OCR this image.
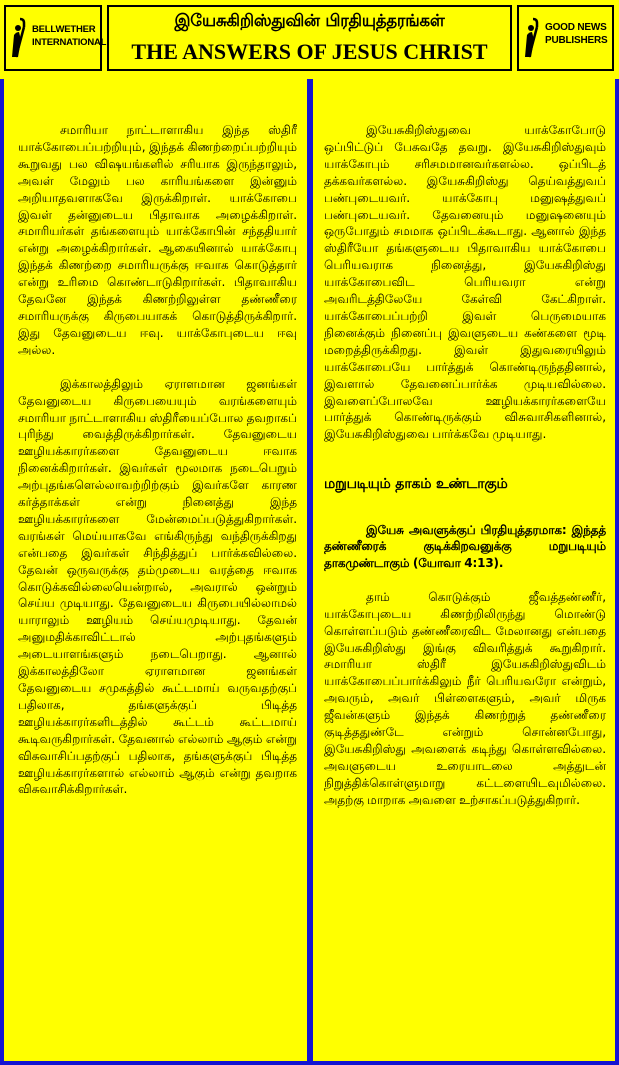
BELLWETHER INTERNATIONAL
இயேசுகிறிஸ்துவின் பிரதியுத்தரங்கள்
THE ANSWERS OF JESUS CHRIST
GOOD NEWS PUBLISHERS

சமாரியா நாட்டாளாகிய இந்த ஸ்திரீ யாக்கோபைப்பற்றியும், இந்தக் கிணற்றைப்பற்றியும் கூறுவது பல விஷயங்களில் சரியாக இருந்தாலும், அவள் மேலும் பல காரியங்களை இன்னும் அறியாதவளாகவே இருக்கிறாள். யாக்கோபை இவள் தன்னுடைய பிதாவாக அழைக்கிறாள். சமாரியர்கள் தங்களையும் யாக்கோபின் சந்ததியார் என்று அழைக்கிறார்கள். ஆகையினால் யாக்கோபு இந்தக் கிணற்றை சமாரியருக்கு ஈவாக கொடுத்தார் என்று உரிமை கொண்டாடுகிறார்கள். பிதாவாகிய தேவனே இந்தக் கிணற்றிலுள்ள தண்ணீரை சமாரியருக்கு கிருபையாகக் கொடுத்திருக்கிறார். இது தேவனுடைய ஈவு. யாக்கோபுடைய ஈவு அல்ல.

இக்காலத்திலும் ஏராளமான ஜனங்கள் தேவனுடைய கிருபையையும் வரங்களையும் சமாரியா நாட்டாளாகிய ஸ்திரீயைப்போல தவறாகப் புரிந்து வைத்திருக்கிறார்கள். தேவனுடைய ஊழியக்காரர்களை தேவனுடைய ஈவாக நினைக்கிறார்கள். இவர்கள் மூலமாக நடைபெறும் அற்புதங்களெல்லாவற்றிற்கும் இவர்களே காரண கர்த்தாக்கள் என்று நினைத்து இந்த ஊழியக்காரர்களை மேன்மைப்படுத்துகிறார்கள். வரங்கள் மெய்யாகவே எங்கிருந்து வந்திருக்கிறது என்பதை இவர்கள் சிந்தித்துப் பார்க்கவில்லை. தேவன் ஒருவருக்கு தம்முடைய வரத்தை ஈவாக கொடுக்கவில்லையென்றால், அவரால் ஒன்றும் செய்ய முடியாது. தேவனுடைய கிருபையில்லாமல் யாராலும் ஊழியம் செய்யமுடியாது. தேவன் அனுமதிக்காவிட்டால் அற்புதங்களும் அடையாளங்களும் நடைபெறாது. ஆனால் இக்காலத்திலோ ஏராளமான ஜனங்கள் தேவனுடைய சமுகத்தில் கூட்டமாய் வருவதற்குப் பதிலாக, தங்களுக்குப் பிடித்த ஊழியக்காரர்களிடத்தில் கூட்டம் கூட்டமாய் கூடிவருகிறார்கள். தேவனால் எல்லாம் ஆகும் என்று விசுவாசிப்பதற்குப் பதிலாக, தங்களுக்குப் பிடித்த ஊழியக்காரர்களால் எல்லாம் ஆகும் என்று தவறாக விசுவாசிக்கிறார்கள்.

இயேசுகிறிஸ்துவை யாக்கோபோடு ஒப்பிட்டுப் பேசுவதே தவறு. இயேசுகிறிஸ்துவும் யாக்கோபும் சரிசமமானவர்களல்ல. ஒப்பிடத் தக்கவர்களல்ல. இயேசுகிறிஸ்து தெய்வத்துவப் பண்புடையவர். யாக்கோபு மனுஷத்துவப் பண்புடையவர். தேவனையும் மனுஷனையும் ஒருபோதும் சமமாக ஒப்பிடக்கூடாது. ஆனால் இந்த ஸ்திரீயோ தங்களுடைய பிதாவாகிய யாக்கோபை பெரியவராக நினைத்து, இயேசுகிறிஸ்து யாக்கோபைவிட பெரியவரா என்று அவரிடத்திலேயே கேள்வி கேட்கிறாள். யாக்கோபைப்பற்றி இவள் பெருமையாக நினைக்கும் நினைப்பு இவளுடைய கண்களை மூடி மறைத்திருக்கிறது. இவள் இதுவரையிலும் யாக்கோபையே பார்த்துக் கொண்டிருந்ததினால், இவளால் தேவனைப்பார்க்க முடியவில்லை. இவளைப்போலவே ஊழியக்காரர்களையே பார்த்துக் கொண்டிருக்கும் விசுவாசிகளினால், இயேசுகிறிஸ்துவை பார்க்கவே முடியாது.

மறுபடியும் தாகம் உண்டாகும்

இயேசு அவளுக்குப் பிரதியுத்தரமாக: இந்தத் தண்ணீரைக் குடிக்கிறவனுக்கு மறுபடியும் தாகமுண்டாகும் (யோவா 4:13).

தாம் கொடுக்கும் ஜீவத்தண்ணீர், யாக்கோபுடைய கிணற்றிலிருந்து மொண்டு கொள்ளப்படும் தண்ணீரைவிட மேலானது என்பதை இயேசுகிறிஸ்து இங்கு விவரித்துக் கூறுகிறார். சமாரியா ஸ்திரீ இயேசுகிறிஸ்துவிடம் யாக்கோபைப்பார்க்கிலும் நீர் பெரியவரோ என்றும், அவரும், அவர் பிள்ளைகளும், அவர் மிருக ஜீவன்களும் இந்தக் கிணற்றுத் தண்ணீரை குடித்ததுண்டே என்றும் சொன்னபோது, இயேசுகிறிஸ்து அவளைக் கடிந்து கொள்ளவில்லை. அவளுடைய உரையாடலை அத்துடன் நிறுத்திக்கொள்ளுமாறு கட்டளையிடவுமில்லை. அதற்கு மாறாக அவளை உற்சாகப்படுத்துகிறார்.
